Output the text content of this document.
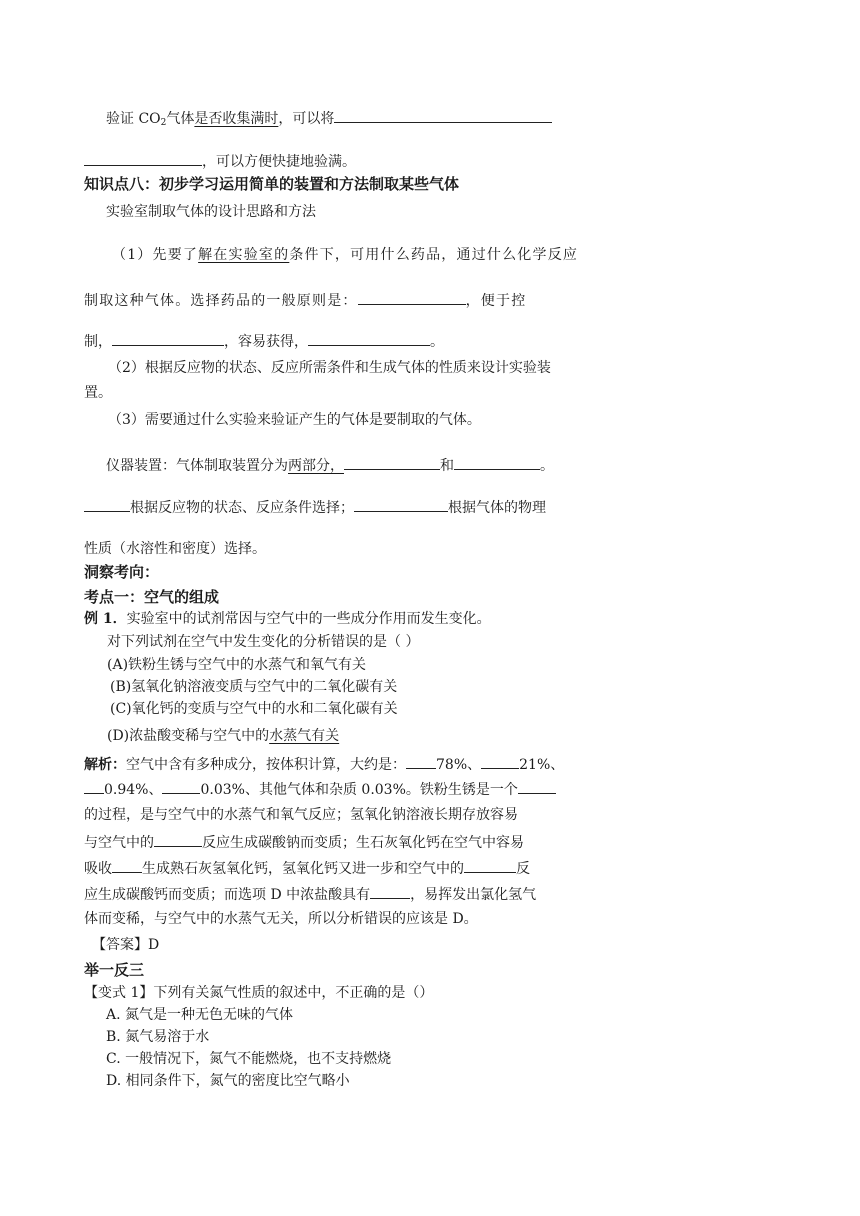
验证 $CO_2$气体是否收集满时，可以将
，可以方便快捷地验满。
知识点八：初步学习运用简单的装置和方法制取某些气体
实验室制取气体的设计思路和方法
（1）先要了解在实验室的条件下，可用什么药品，通过什么化学反应
制取这种气体。选择药品的一般原则是：	，便于控
制，	，容易获得，	。
（2）根据反应物的状态、反应所需条件和生成气体的性质来设计实验装
置。
（3）需要通过什么实验来验证产生的气体是要制取的气体。
仪器装置：气体制取装置分为两部分，	和	。
根据反应物的状态、反应条件选择；	根据气体的物理
性质（水溶性和密度）选择。
洞察考向：
考点一：空气的组成
例 1．实验室中的试剂常因与空气中的一些成分作用而发生变化。
对下列试剂在空气中发生变化的分析错误的是（ ）
(A)铁粉生锈与空气中的水蒸气和氧气有关
(B)氢氧化钠溶液变质与空气中的二氧化碳有关
(C)氧化钙的变质与空气中的水和二氧化碳有关
(D)浓盐酸变稀与空气中的水蒸气有关
解析：空气中含有多种成分，按体积计算，大约是： 78%、	21%、
0.94%、	0.03%、其他气体和杂质 0.03%。铁粉生锈是一个
的过程，是与空气中的水蒸气和氧气反应；氢氧化钠溶液长期存放容易
与空气中的	反应生成碳酸钠而变质；生石灰氧化钙在空气中容易
吸收 生成熟石灰氢氧化钙，氢氧化钙又进一步和空气中的	反
应生成碳酸钙而变质；而选项 D 中浓盐酸具有	，易挥发出氯化氢气
体而变稀，与空气中的水蒸气无关，所以分析错误的应该是 D。
【答案】D
举一反三
【变式 1】下列有关氮气性质的叙述中，不正确的是（）
A. 氮气是一种无色无味的气体
B. 氮气易溶于水
C. 一般情况下，氮气不能燃烧，也不支持燃烧
D. 相同条件下，氮气的密度比空气略小
